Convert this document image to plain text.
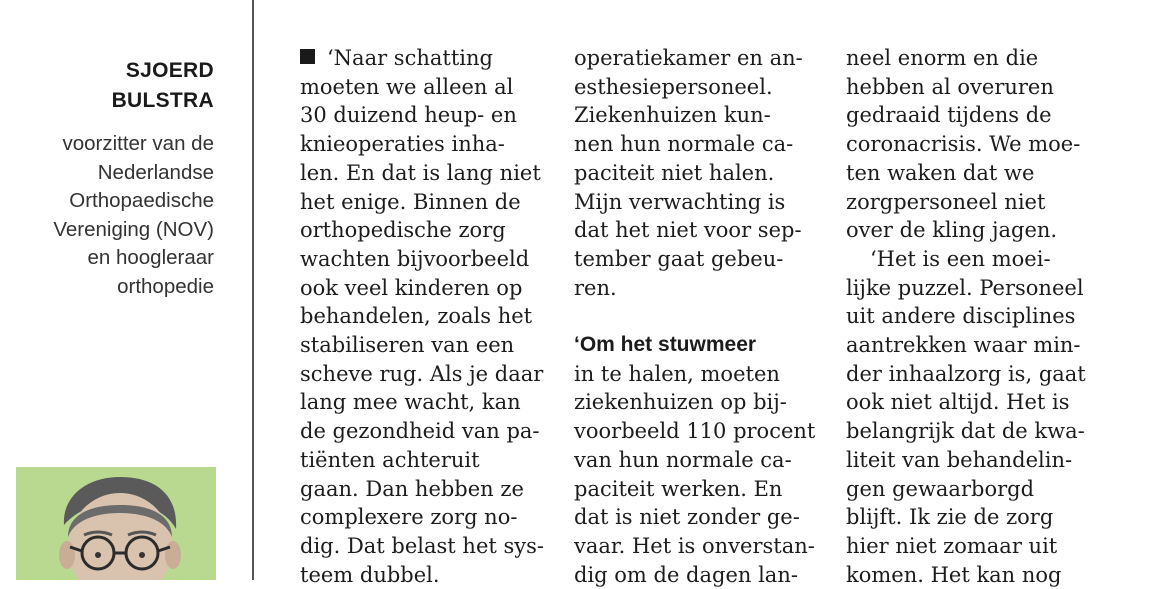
SJOERD
BULSTRA
voorzitter van de
Nederlandse
Orthopaedische
Vereniging (NOV)
en hoogleraar
orthopedie
‘Naar schatting
moeten we alleen al
30 duizend heup- en
knieoperaties inha-
len. En dat is lang niet
het enige. Binnen de
orthopedische zorg
wachten bijvoorbeeld
ook veel kinderen op
behandelen, zoals het
stabiliseren van een
scheve rug. Als je daar
lang mee wacht, kan
de gezondheid van pa-
tiënten achteruit
gaan. Dan hebben ze
complexere zorg no-
dig. Dat belast het sys-
teem dubbel.
operatiekamer en an-
esthesiepersoneel.
Ziekenhuizen kun-
nen hun normale ca-
paciteit niet halen.
Mijn verwachting is
dat het niet voor sep-
tember gaat gebeu-
ren.
‘Om het stuwmeer
in te halen, moeten
ziekenhuizen op bij-
voorbeeld 110 procent
van hun normale ca-
paciteit werken. En
dat is niet zonder ge-
vaar. Het is onverstan-
dig om de dagen lan-
neel enorm en die
hebben al overuren
gedraaid tijdens de
coronacrisis. We moe-
ten waken dat we
zorgpersoneel niet
over de kling jagen.
‘Het is een moei-
lijke puzzel. Personeel
uit andere disciplines
aantrekken waar min-
der inhaalzorg is, gaat
ook niet altijd. Het is
belangrijk dat de kwa-
liteit van behandelin-
gen gewaarborgd
blijft. Ik zie de zorg
hier niet zomaar uit
komen. Het kan nog
